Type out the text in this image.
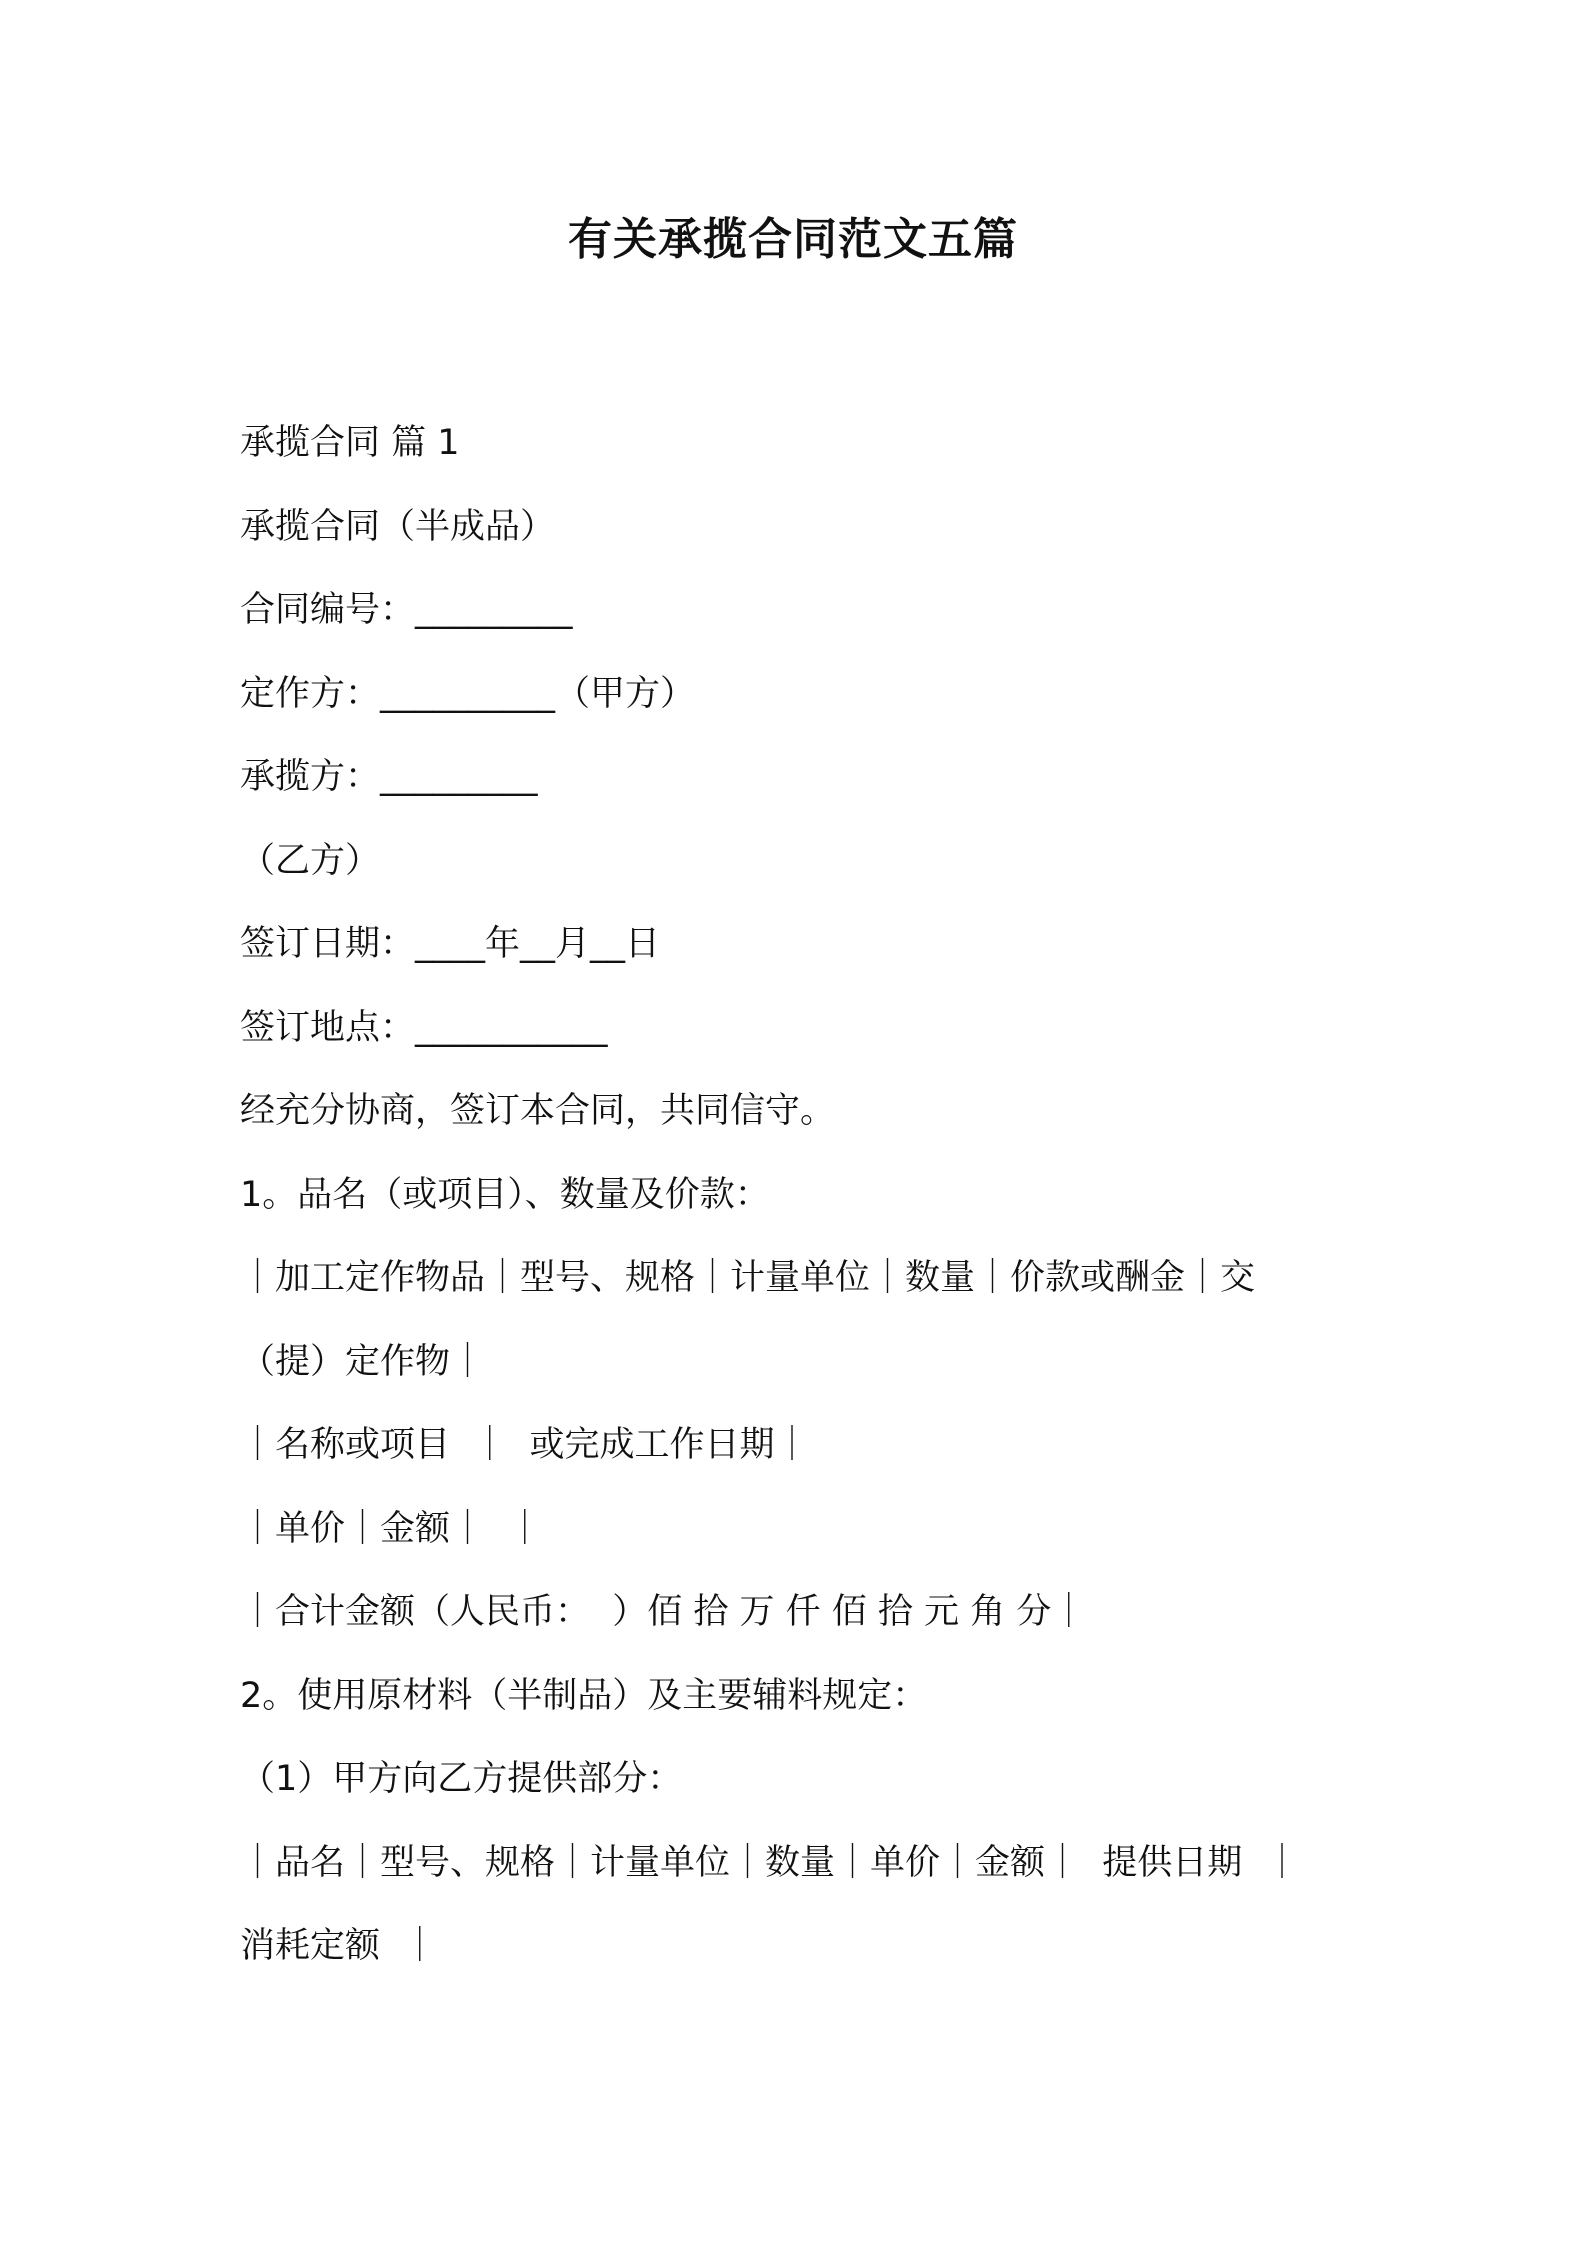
有关承揽合同范文五篇

承揽合同 篇 1

承揽合同（半成品）

合同编号：_________

定作方：__________（甲方）

承揽方：_________

（乙方）

签订日期：____年__月__日

签订地点：___________

经充分协商，签订本合同，共同信守。

1。品名（或项目）、数量及价款：

｜加工定作物品｜型号、规格｜计量单位｜数量｜价款或酬金｜交

（提）定作物｜

｜名称或项目  ｜  或完成工作日期｜

｜单价｜金额｜  ｜

｜合计金额（人民币：  ）佰 拾 万 仟 佰 拾 元 角 分｜

2。使用原材料（半制品）及主要辅料规定：

（1）甲方向乙方提供部分：

｜品名｜型号、规格｜计量单位｜数量｜单价｜金额｜  提供日期  ｜

消耗定额  ｜
